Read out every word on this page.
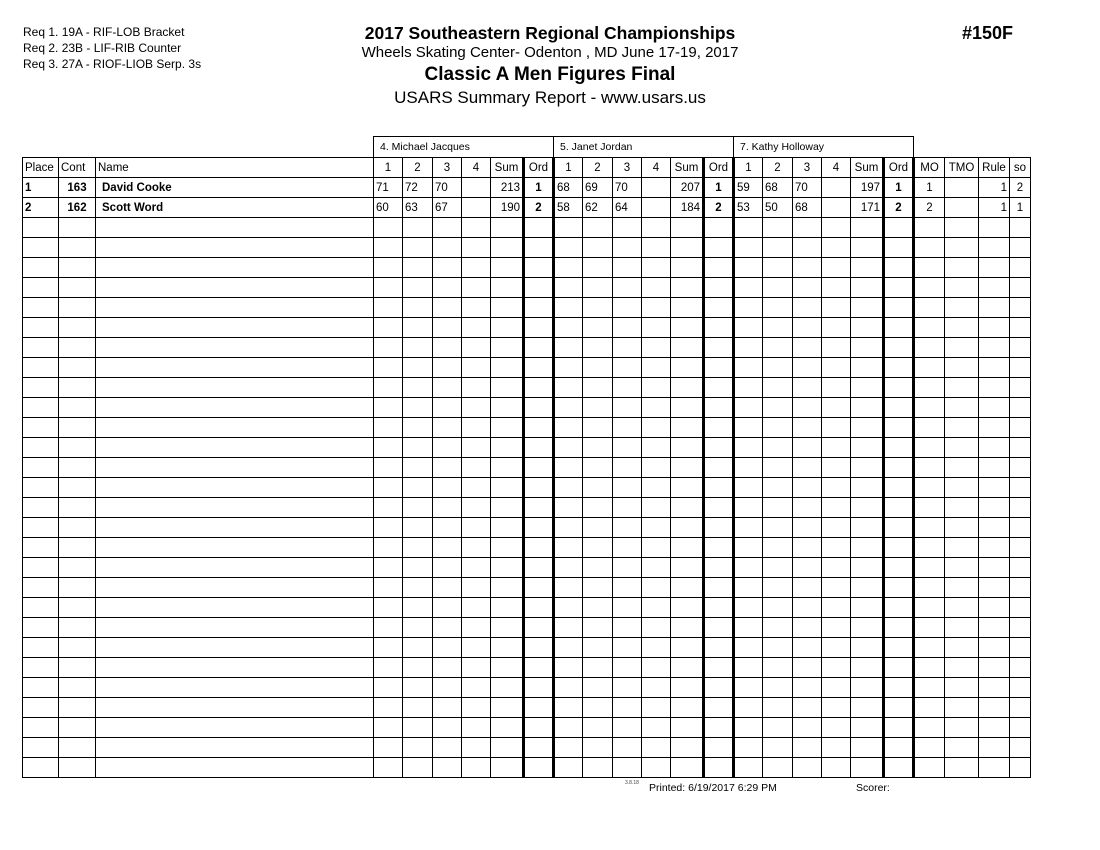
Req 1. 19A - RIF-LOB Bracket
Req 2. 23B - LIF-RIB Counter
Req 3. 27A - RIOF-LIOB Serp. 3s
2017 Southeastern Regional Championships
Wheels Skating Center- Odenton , MD June 17-19, 2017
Classic A Men Figures Final
USARS Summary Report - www.usars.us
#150F
			4. Michael Jacques						5. Janet Jordan						7. Kathy Holloway									
Place	Cont	Name	1	2	3	4	Sum	Ord	1	2	3	4	Sum	Ord	1	2	3	4	Sum	Ord	MO	TMO	Rule	so
1	163	David Cooke	71	72	70		213	1	68	69	70		207	1	59	68	70		197	1	1		1	2
2	162	Scott Word	60	63	67		190	2	58	62	64		184	2	53	50	68		171	2	2		1	1

3.8.18 Printed: 6/19/2017 6:29 PM	Scorer:
